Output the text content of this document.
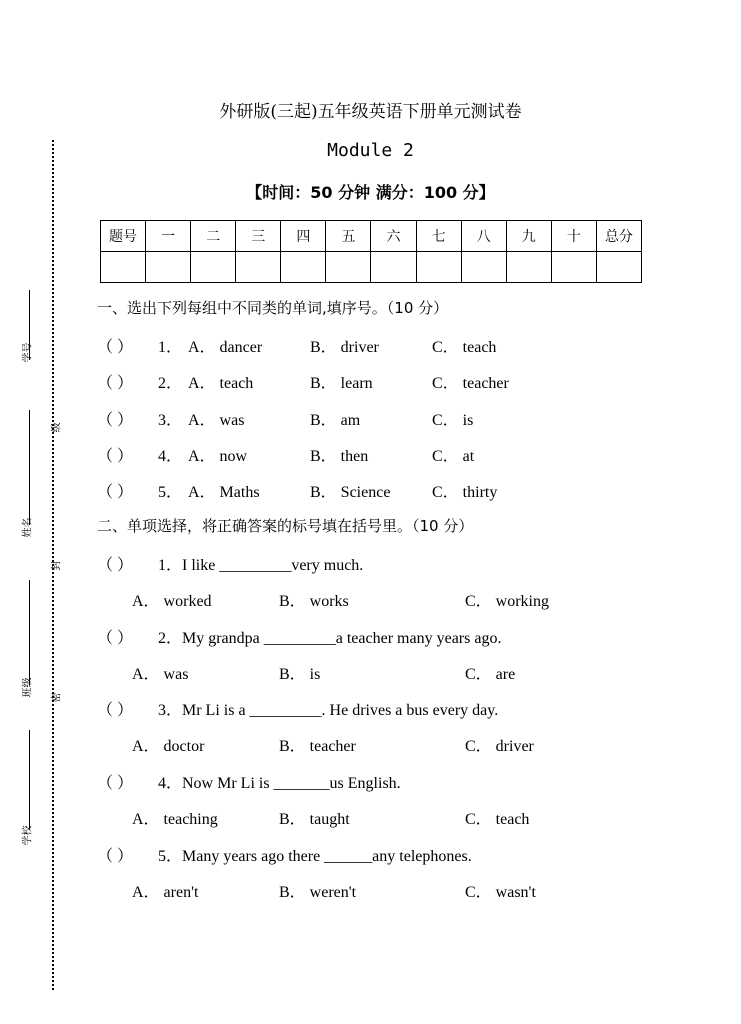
学号
级
姓名
封
班级	密
学校
外研版(三起)五年级英语下册单元测试卷
Module 2
【时间：50 分钟 满分：100 分】
题号	一	二	三	四	五	六	七	八	九	十	总分

一、选出下列每组中不同类的单词,填序号。（10 分）
（ ） 1． A． dancer	B． driver	C． teach
（ ） 2． A． teach	B． learn	C． teacher
（ ） 3． A． was	B． am	C． is
（ ） 4． A． now	B． then	C． at
（ ） 5． A． Maths	B． Science	C． thirty
二、单项选择，将正确答案的标号填在括号里。（10 分）
（ ） 1．I like _________very much.
A． worked	B． works	C． working
（ ） 2．My grandpa _________a teacher many years ago.
A． was	B． is	C． are
（ ） 3．Mr Li is a _________. He drives a bus every day.
A． doctor	B． teacher	C． driver
（ ） 4．Now Mr Li is _______us English.
A． teaching	B． taught	C． teach
（ ） 5．Many years ago there ______any telephones.
A． aren't	B． weren't	C． wasn't
